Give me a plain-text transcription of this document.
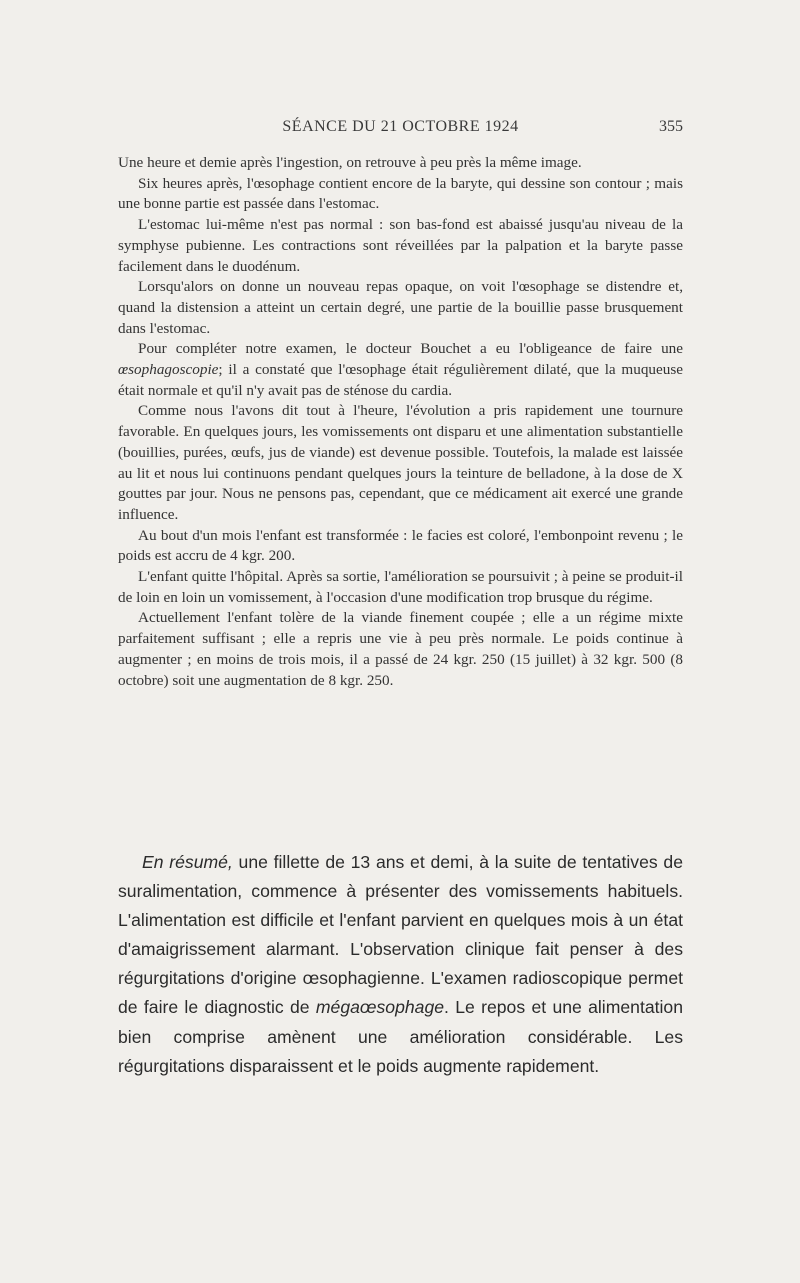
SÉANCE DU 21 OCTOBRE 1924	355

Une heure et demie après l'ingestion, on retrouve à peu près la même image.

Six heures après, l'œsophage contient encore de la baryte, qui dessine son contour ; mais une bonne partie est passée dans l'estomac.

L'estomac lui-même n'est pas normal : son bas-fond est abaissé jusqu'au niveau de la symphyse pubienne. Les contractions sont réveillées par la palpation et la baryte passe facilement dans le duodénum.

Lorsqu'alors on donne un nouveau repas opaque, on voit l'œsophage se distendre et, quand la distension a atteint un certain degré, une partie de la bouillie passe brusquement dans l'estomac.

Pour compléter notre examen, le docteur Bouchet a eu l'obligeance de faire une œsophagoscopie; il a constaté que l'œsophage était régulièrement dilaté, que la muqueuse était normale et qu'il n'y avait pas de sténose du cardia.

Comme nous l'avons dit tout à l'heure, l'évolution a pris rapidement une tournure favorable. En quelques jours, les vomissements ont disparu et une alimentation substantielle (bouillies, purées, œufs, jus de viande) est devenue possible. Toutefois, la malade est laissée au lit et nous lui continuons pendant quelques jours la teinture de belladone, à la dose de X gouttes par jour. Nous ne pensons pas, cependant, que ce médicament ait exercé une grande influence.

Au bout d'un mois l'enfant est transformée : le facies est coloré, l'embonpoint revenu ; le poids est accru de 4 kgr. 200.

L'enfant quitte l'hôpital. Après sa sortie, l'amélioration se poursuivit ; à peine se produit-il de loin en loin un vomissement, à l'occasion d'une modification trop brusque du régime.

Actuellement l'enfant tolère de la viande finement coupée ; elle a un régime mixte parfaitement suffisant ; elle a repris une vie à peu près normale. Le poids continue à augmenter ; en moins de trois mois, il a passé de 24 kgr. 250 (15 juillet) à 32 kgr. 500 (8 octobre) soit une augmentation de 8 kgr. 250.

En résumé, une fillette de 13 ans et demi, à la suite de tentatives de suralimentation, commence à présenter des vomissements habituels. L'alimentation est difficile et l'enfant parvient en quelques mois à un état d'amaigrissement alarmant. L'observation clinique fait penser à des régurgitations d'origine œsophagienne. L'examen radioscopique permet de faire le diagnostic de mégaœsophage. Le repos et une alimentation bien comprise amènent une amélioration considérable. Les régurgitations disparaissent et le poids augmente rapidement.
